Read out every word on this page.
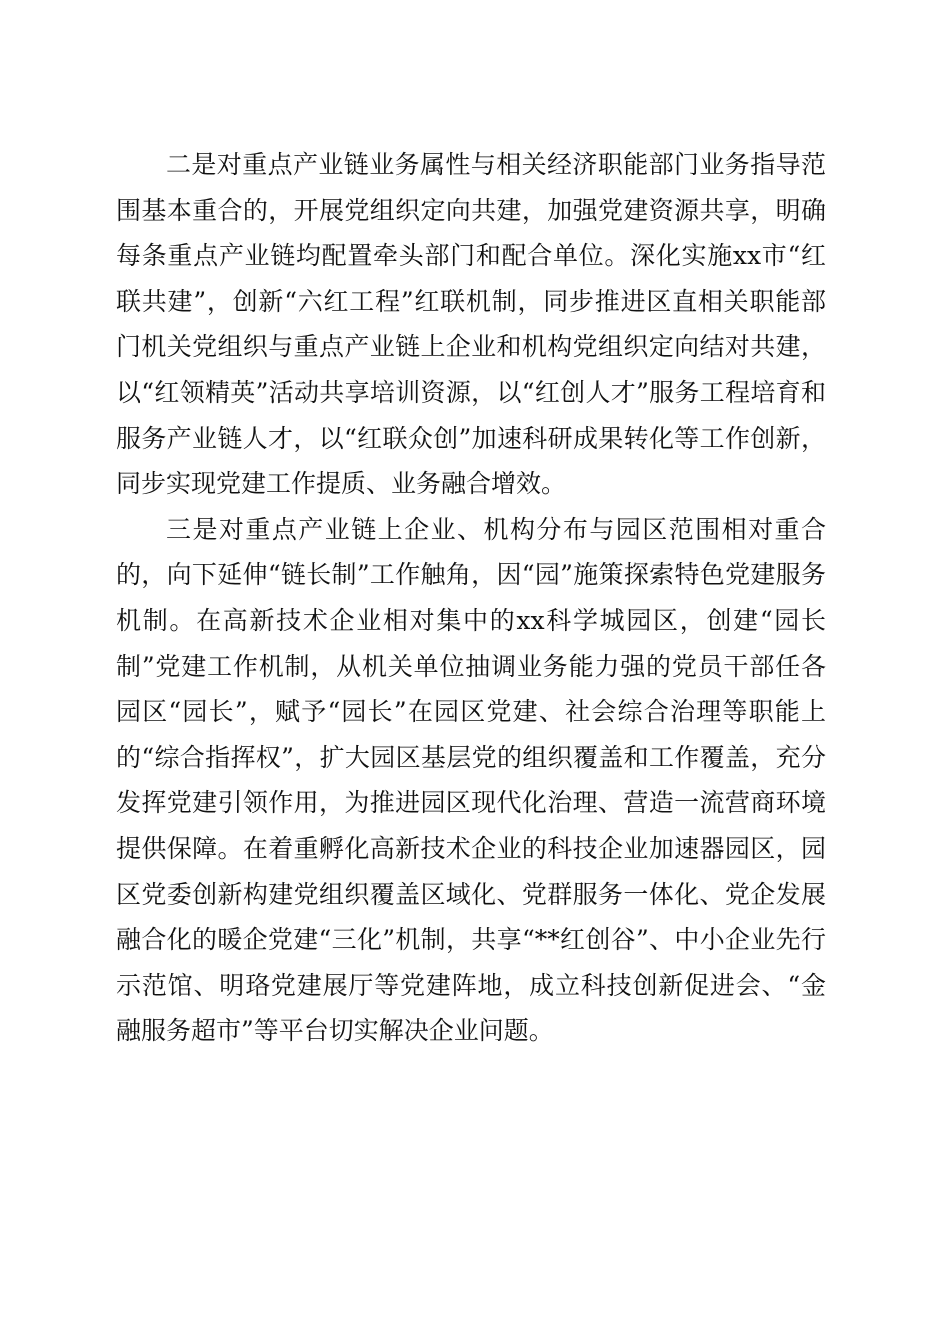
二是对重点产业链业务属性与相关经济职能部门业务指导范围基本重合的，开展党组织定向共建，加强党建资源共享，明确每条重点产业链均配置牵头部门和配合单位。深化实施xx市“红联共建”，创新“六红工程”红联机制，同步推进区直相关职能部门机关党组织与重点产业链上企业和机构党组织定向结对共建，以“红领精英”活动共享培训资源，以“红创人才”服务工程培育和服务产业链人才，以“红联众创”加速科研成果转化等工作创新，同步实现党建工作提质、业务融合增效。

三是对重点产业链上企业、机构分布与园区范围相对重合的，向下延伸“链长制”工作触角，因“园”施策探索特色党建服务机制。在高新技术企业相对集中的xx科学城园区，创建“园长制”党建工作机制，从机关单位抽调业务能力强的党员干部任各园区“园长”，赋予“园长”在园区党建、社会综合治理等职能上的“综合指挥权”，扩大园区基层党的组织覆盖和工作覆盖，充分发挥党建引领作用，为推进园区现代化治理、营造一流营商环境提供保障。在着重孵化高新技术企业的科技企业加速器园区，园区党委创新构建党组织覆盖区域化、党群服务一体化、党企发展融合化的暖企党建“三化”机制，共享“**红创谷”、中小企业先行示范馆、明珞党建展厅等党建阵地，成立科技创新促进会、“金融服务超市”等平台切实解决企业问题。
